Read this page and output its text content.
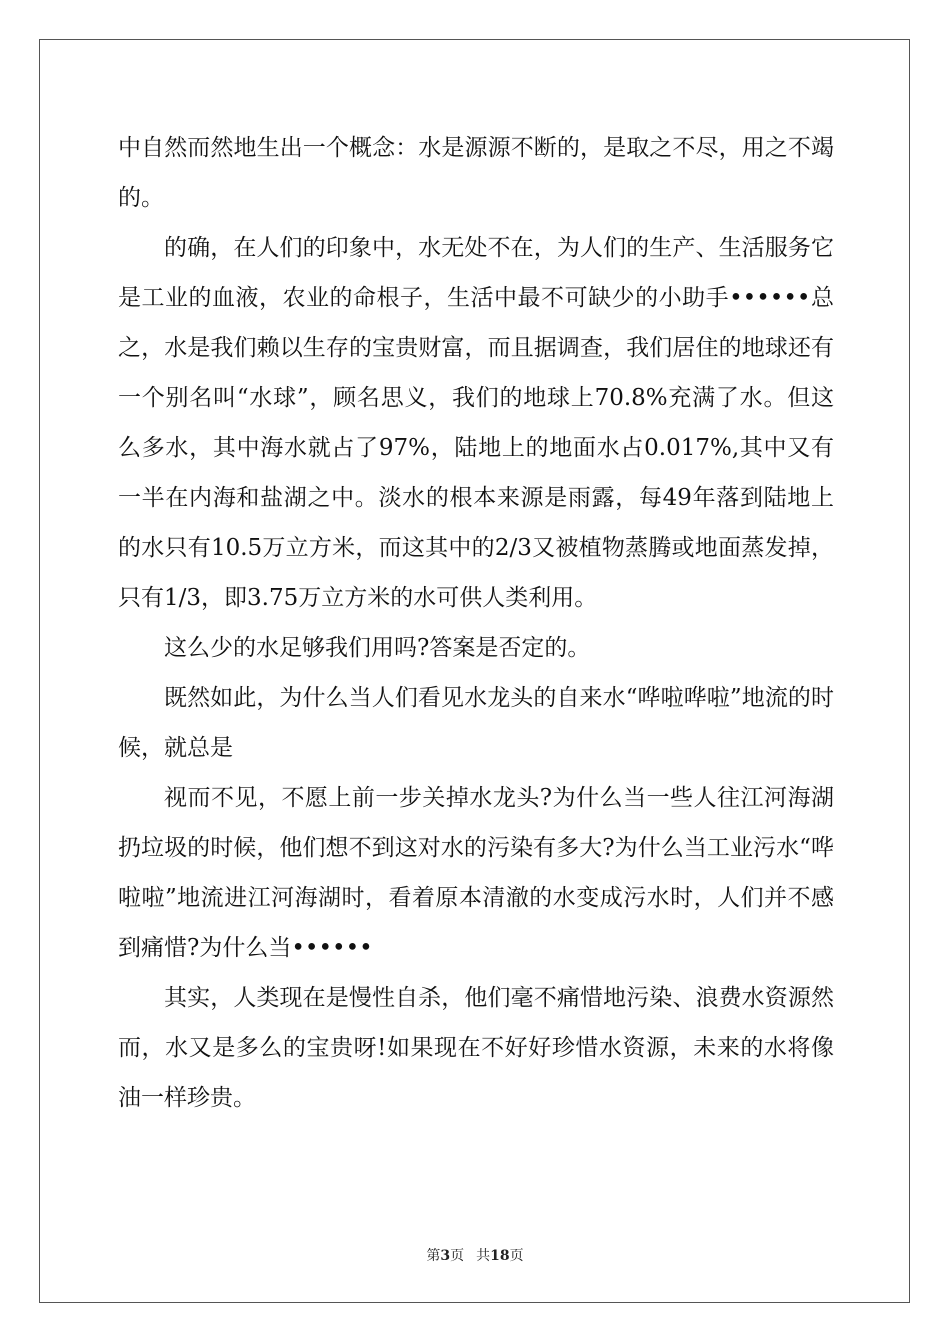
中自然而然地生出一个概念：水是源源不断的，是取之不尽，用之不竭的。

的确，在人们的印象中，水无处不在，为人们的生产、生活服务它是工业的血液，农业的命根子，生活中最不可缺少的小助手••••••总之，水是我们赖以生存的宝贵财富，而且据调查，我们居住的地球还有一个别名叫“水球”，顾名思义，我们的地球上70.8%充满了水。但这么多水，其中海水就占了97%，陆地上的地面水占0.017%,其中又有一半在内海和盐湖之中。淡水的根本来源是雨露，每49年落到陆地上的水只有10.5万立方米，而这其中的2/3又被植物蒸腾或地面蒸发掉，只有1/3，即3.75万立方米的水可供人类利用。

这么少的水足够我们用吗?答案是否定的。

既然如此，为什么当人们看见水龙头的自来水“哗啦哗啦”地流的时候，就总是

视而不见，不愿上前一步关掉水龙头?为什么当一些人往江河海湖扔垃圾的时候，他们想不到这对水的污染有多大?为什么当工业污水“哗啦啦”地流进江河海湖时，看着原本清澈的水变成污水时，人们并不感到痛惜?为什么当••••••

其实，人类现在是慢性自杀，他们毫不痛惜地污染、浪费水资源然而，水又是多么的宝贵呀!如果现在不好好珍惜水资源，未来的水将像油一样珍贵。

第3页 共18页
